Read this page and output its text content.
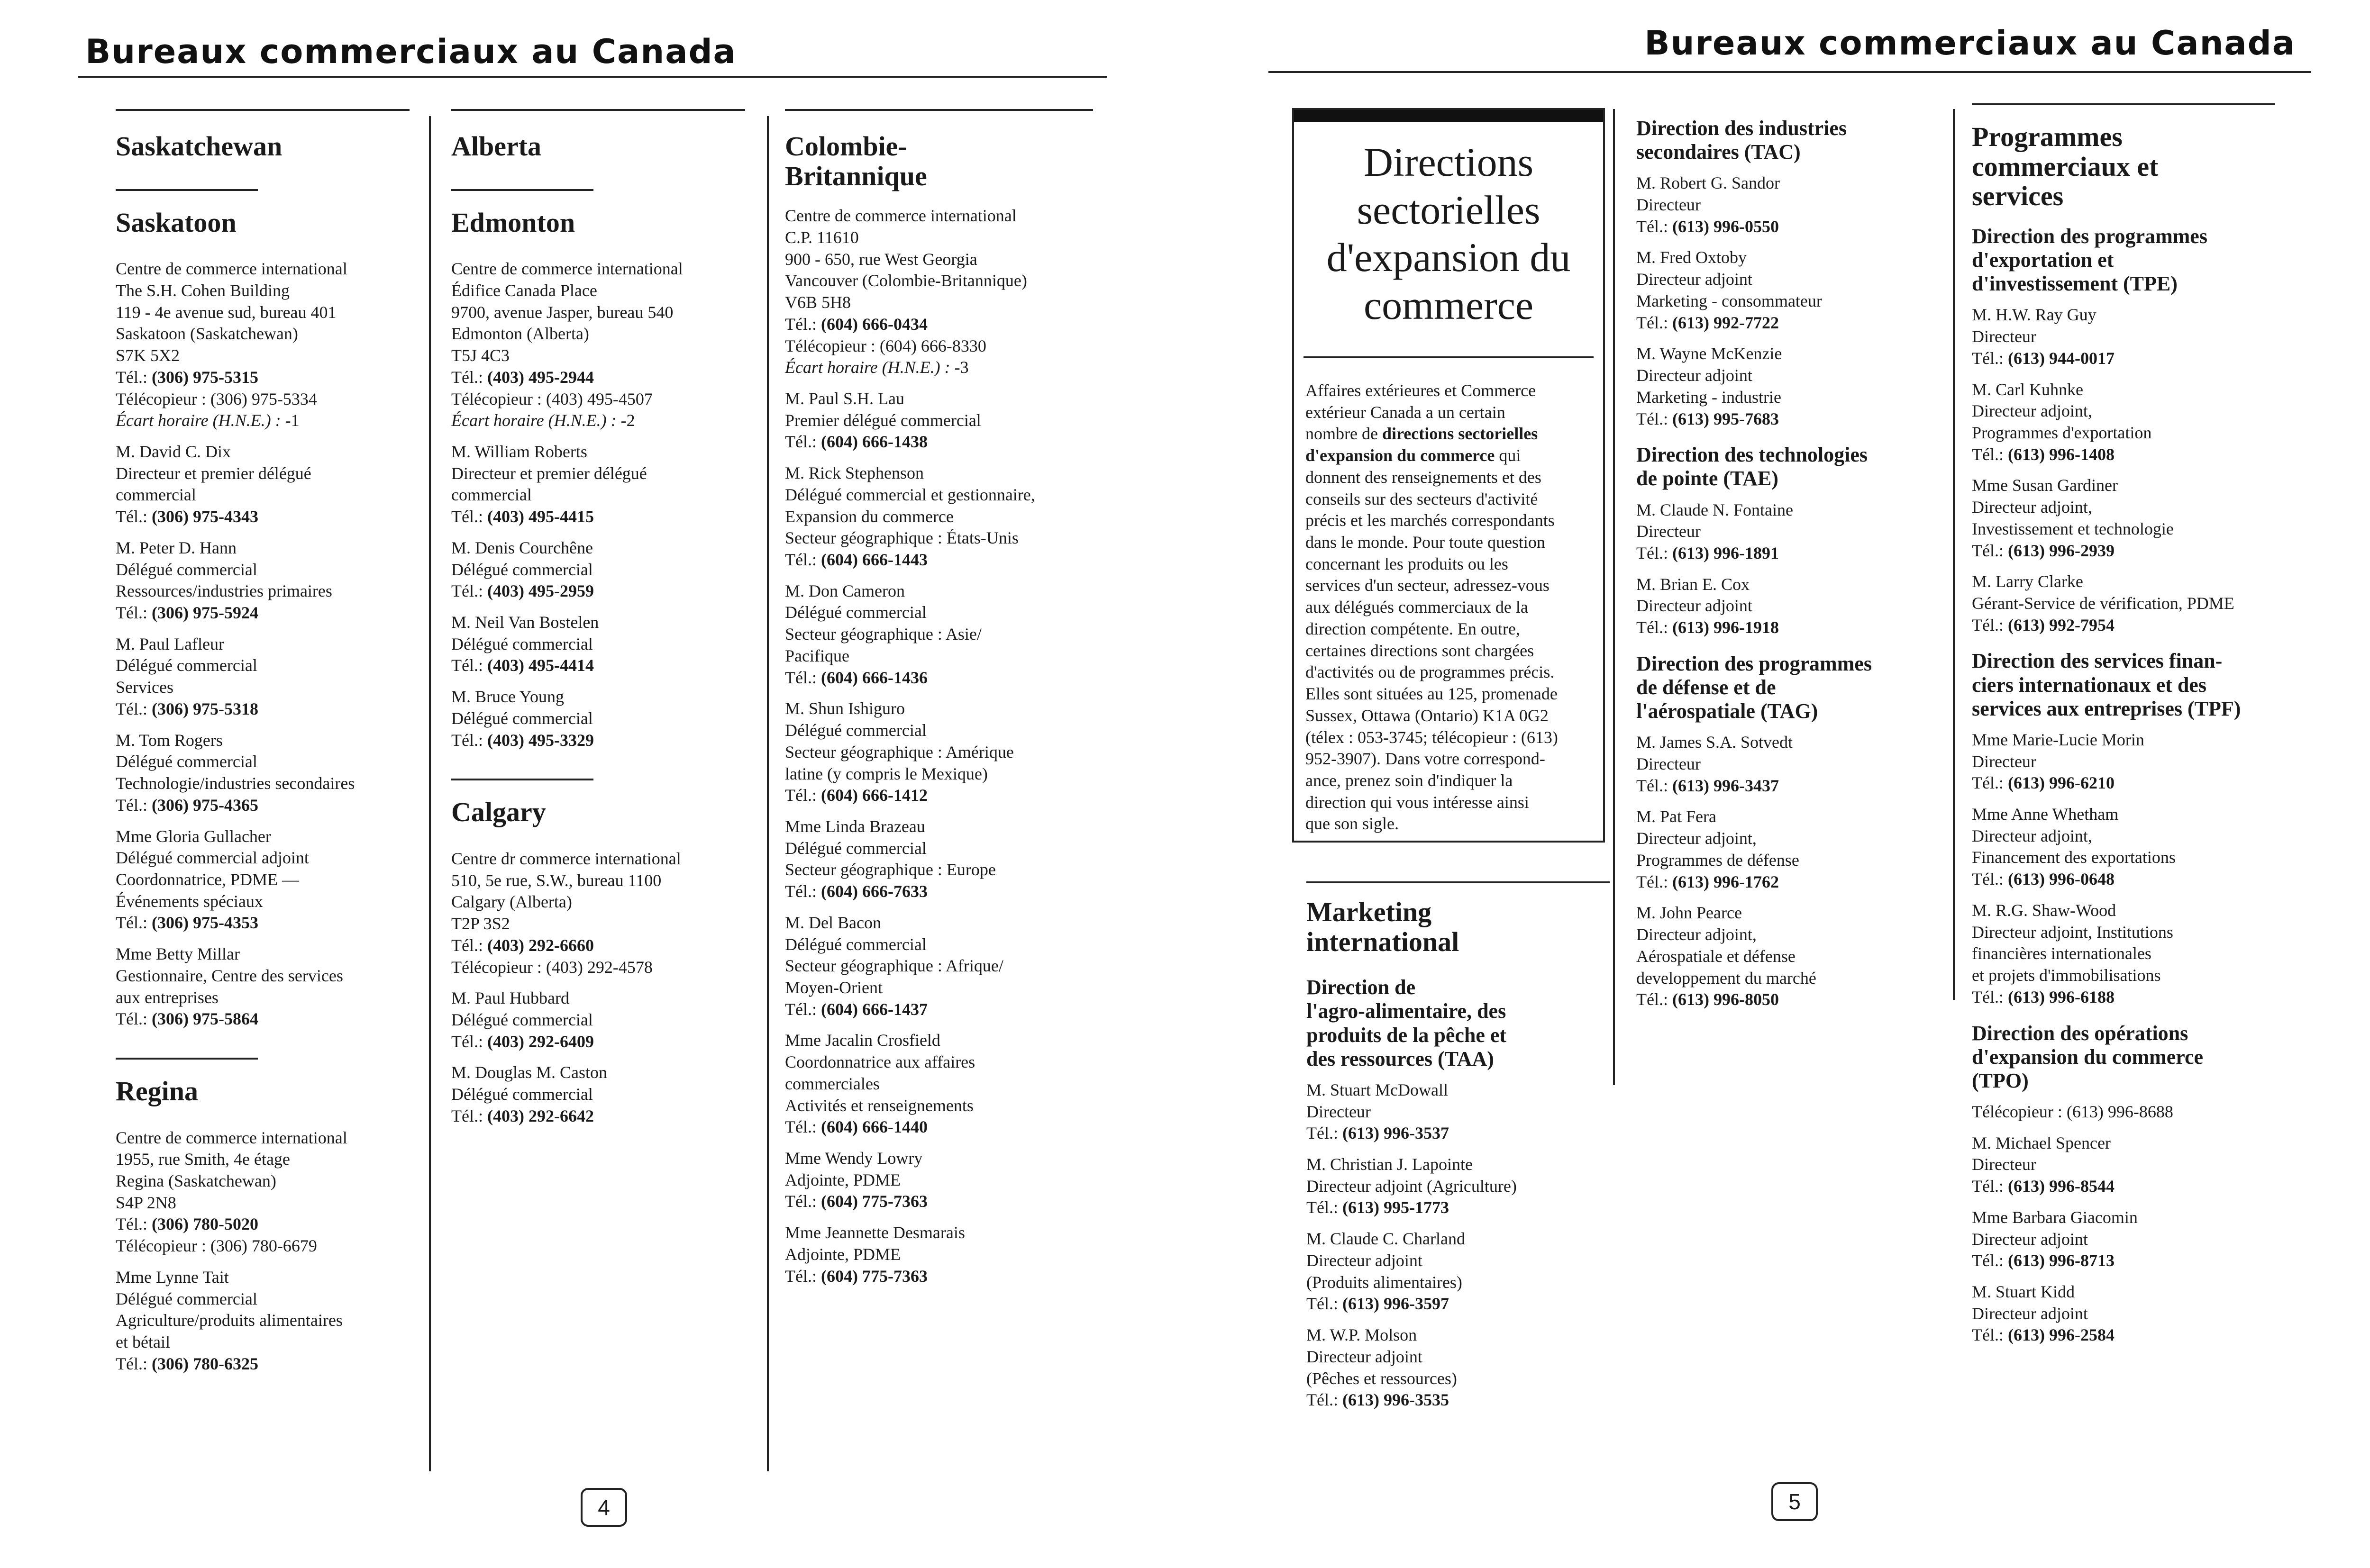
Bureaux commerciaux au Canada
Saskatchewan
Saskatoon
Centre de commerce international
The S.H. Cohen Building
119 - 4e avenue sud, bureau 401
Saskatoon (Saskatchewan)
S7K 5X2
Tél.: (306) 975-5315
Télécopieur : (306) 975-5334
Écart horaire (H.N.E.) : -1
M. David C. Dix
Directeur et premier délégué
commercial
Tél.: (306) 975-4343
M. Peter D. Hann
Délégué commercial
Ressources/industries primaires
Tél.: (306) 975-5924
M. Paul Lafleur
Délégué commercial
Services
Tél.: (306) 975-5318
M. Tom Rogers
Délégué commercial
Technologie/industries secondaires
Tél.: (306) 975-4365
Mme Gloria Gullacher
Délégué commercial adjoint
Coordonnatrice, PDME —
Événements spéciaux
Tél.: (306) 975-4353
Mme Betty Millar
Gestionnaire, Centre des services
aux entreprises
Tél.: (306) 975-5864
Regina
Centre de commerce international
1955, rue Smith, 4e étage
Regina (Saskatchewan)
S4P 2N8
Tél.: (306) 780-5020
Télécopieur : (306) 780-6679
Mme Lynne Tait
Délégué commercial
Agriculture/produits alimentaires
et bétail
Tél.: (306) 780-6325
Alberta
Edmonton
Centre de commerce international
Édifice Canada Place
9700, avenue Jasper, bureau 540
Edmonton (Alberta)
T5J 4C3
Tél.: (403) 495-2944
Télécopieur : (403) 495-4507
Écart horaire (H.N.E.) : -2
M. William Roberts
Directeur et premier délégué
commercial
Tél.: (403) 495-4415
M. Denis Courchêne
Délégué commercial
Tél.: (403) 495-2959
M. Neil Van Bostelen
Délégué commercial
Tél.: (403) 495-4414
M. Bruce Young
Délégué commercial
Tél.: (403) 495-3329
Calgary
Centre dr commerce international
510, 5e rue, S.W., bureau 1100
Calgary (Alberta)
T2P 3S2
Tél.: (403) 292-6660
Télécopieur : (403) 292-4578
M. Paul Hubbard
Délégué commercial
Tél.: (403) 292-6409
M. Douglas M. Caston
Délégué commercial
Tél.: (403) 292-6642
Colombie-
Britannique
Centre de commerce international
C.P. 11610
900 - 650, rue West Georgia
Vancouver (Colombie-Britannique)
V6B 5H8
Tél.: (604) 666-0434
Télécopieur : (604) 666-8330
Écart horaire (H.N.E.) : -3
M. Paul S.H. Lau
Premier délégué commercial
Tél.: (604) 666-1438
M. Rick Stephenson
Délégué commercial et gestionnaire,
Expansion du commerce
Secteur géographique : États-Unis
Tél.: (604) 666-1443
M. Don Cameron
Délégué commercial
Secteur géographique : Asie/
Pacifique
Tél.: (604) 666-1436
M. Shun Ishiguro
Délégué commercial
Secteur géographique : Amérique
latine (y compris le Mexique)
Tél.: (604) 666-1412
Mme Linda Brazeau
Délégué commercial
Secteur géographique : Europe
Tél.: (604) 666-7633
M. Del Bacon
Délégué commercial
Secteur géographique : Afrique/
Moyen-Orient
Tél.: (604) 666-1437
Mme Jacalin Crosfield
Coordonnatrice aux affaires
commerciales
Activités et renseignements
Tél.: (604) 666-1440
Mme Wendy Lowry
Adjointe, PDME
Tél.: (604) 775-7363
Mme Jeannette Desmarais
Adjointe, PDME
Tél.: (604) 775-7363
4
Bureaux commerciaux au Canada
Directions
sectorielles
d'expansion du
commerce
Affaires extérieures et Commerce
extérieur Canada a un certain
nombre de directions sectorielles
d'expansion du commerce qui
donnent des renseignements et des
conseils sur des secteurs d'activité
précis et les marchés correspondants
dans le monde. Pour toute question
concernant les produits ou les
services d'un secteur, adressez-vous
aux délégués commerciaux de la
direction compétente. En outre,
certaines directions sont chargées
d'activités ou de programmes précis.
Elles sont situées au 125, promenade
Sussex, Ottawa (Ontario) K1A 0G2
(télex : 053-3745; télécopieur : (613)
952-3907). Dans votre correspond-
ance, prenez soin d'indiquer la
direction qui vous intéresse ainsi
que son sigle.
Marketing
international
Direction de
l'agro-alimentaire, des
produits de la pêche et
des ressources (TAA)
M. Stuart McDowall
Directeur
Tél.: (613) 996-3537
M. Christian J. Lapointe
Directeur adjoint (Agriculture)
Tél.: (613) 995-1773
M. Claude C. Charland
Directeur adjoint
(Produits alimentaires)
Tél.: (613) 996-3597
M. W.P. Molson
Directeur adjoint
(Pêches et ressources)
Tél.: (613) 996-3535
Direction des industries
secondaires (TAC)
M. Robert G. Sandor
Directeur
Tél.: (613) 996-0550
M. Fred Oxtoby
Directeur adjoint
Marketing - consommateur
Tél.: (613) 992-7722
M. Wayne McKenzie
Directeur adjoint
Marketing - industrie
Tél.: (613) 995-7683
Direction des technologies
de pointe (TAE)
M. Claude N. Fontaine
Directeur
Tél.: (613) 996-1891
M. Brian E. Cox
Directeur adjoint
Tél.: (613) 996-1918
Direction des programmes
de défense et de
l'aérospatiale (TAG)
M. James S.A. Sotvedt
Directeur
Tél.: (613) 996-3437
M. Pat Fera
Directeur adjoint,
Programmes de défense
Tél.: (613) 996-1762
M. John Pearce
Directeur adjoint,
Aérospatiale et défense
developpement du marché
Tél.: (613) 996-8050
Programmes
commerciaux et
services
Direction des programmes
d'exportation et
d'investissement (TPE)
M. H.W. Ray Guy
Directeur
Tél.: (613) 944-0017
M. Carl Kuhnke
Directeur adjoint,
Programmes d'exportation
Tél.: (613) 996-1408
Mme Susan Gardiner
Directeur adjoint,
Investissement et technologie
Tél.: (613) 996-2939
M. Larry Clarke
Gérant-Service de vérification, PDME
Tél.: (613) 992-7954
Direction des services finan-
ciers internationaux et des
services aux entreprises (TPF)
Mme Marie-Lucie Morin
Directeur
Tél.: (613) 996-6210
Mme Anne Whetham
Directeur adjoint,
Financement des exportations
Tél.: (613) 996-0648
M. R.G. Shaw-Wood
Directeur adjoint, Institutions
financières internationales
et projets d'immobilisations
Tél.: (613) 996-6188
Direction des opérations
d'expansion du commerce
(TPO)
Télécopieur : (613) 996-8688
M. Michael Spencer
Directeur
Tél.: (613) 996-8544
Mme Barbara Giacomin
Directeur adjoint
Tél.: (613) 996-8713
M. Stuart Kidd
Directeur adjoint
Tél.: (613) 996-2584
5
